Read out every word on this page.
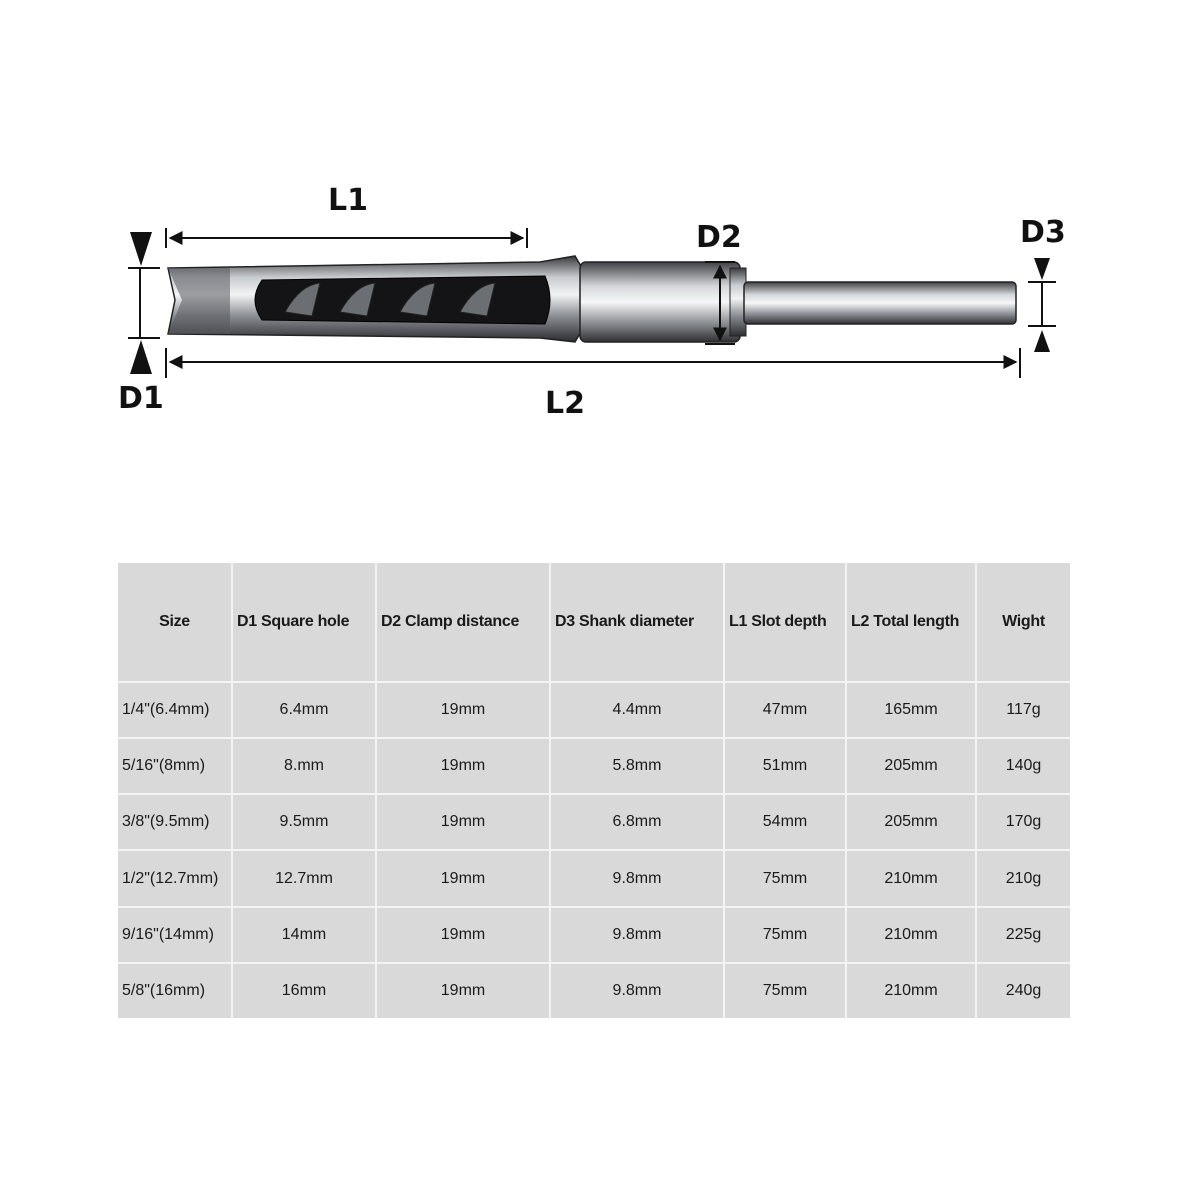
L1
L2
D1
D2	D3
Size	D1 Square hole	D2 Clamp distance	D3 Shank diameter	L1 Slot depth	L2 Total length	Wight
1/4"(6.4mm)	6.4mm	19mm	4.4mm	47mm	165mm	117g
5/16"(8mm)	8.mm	19mm	5.8mm	51mm	205mm	140g
3/8"(9.5mm)	9.5mm	19mm	6.8mm	54mm	205mm	170g
1/2"(12.7mm)	12.7mm	19mm	9.8mm	75mm	210mm	210g
9/16"(14mm)	14mm	19mm	9.8mm	75mm	210mm	225g
5/8"(16mm)	16mm	19mm	9.8mm	75mm	210mm	240g
